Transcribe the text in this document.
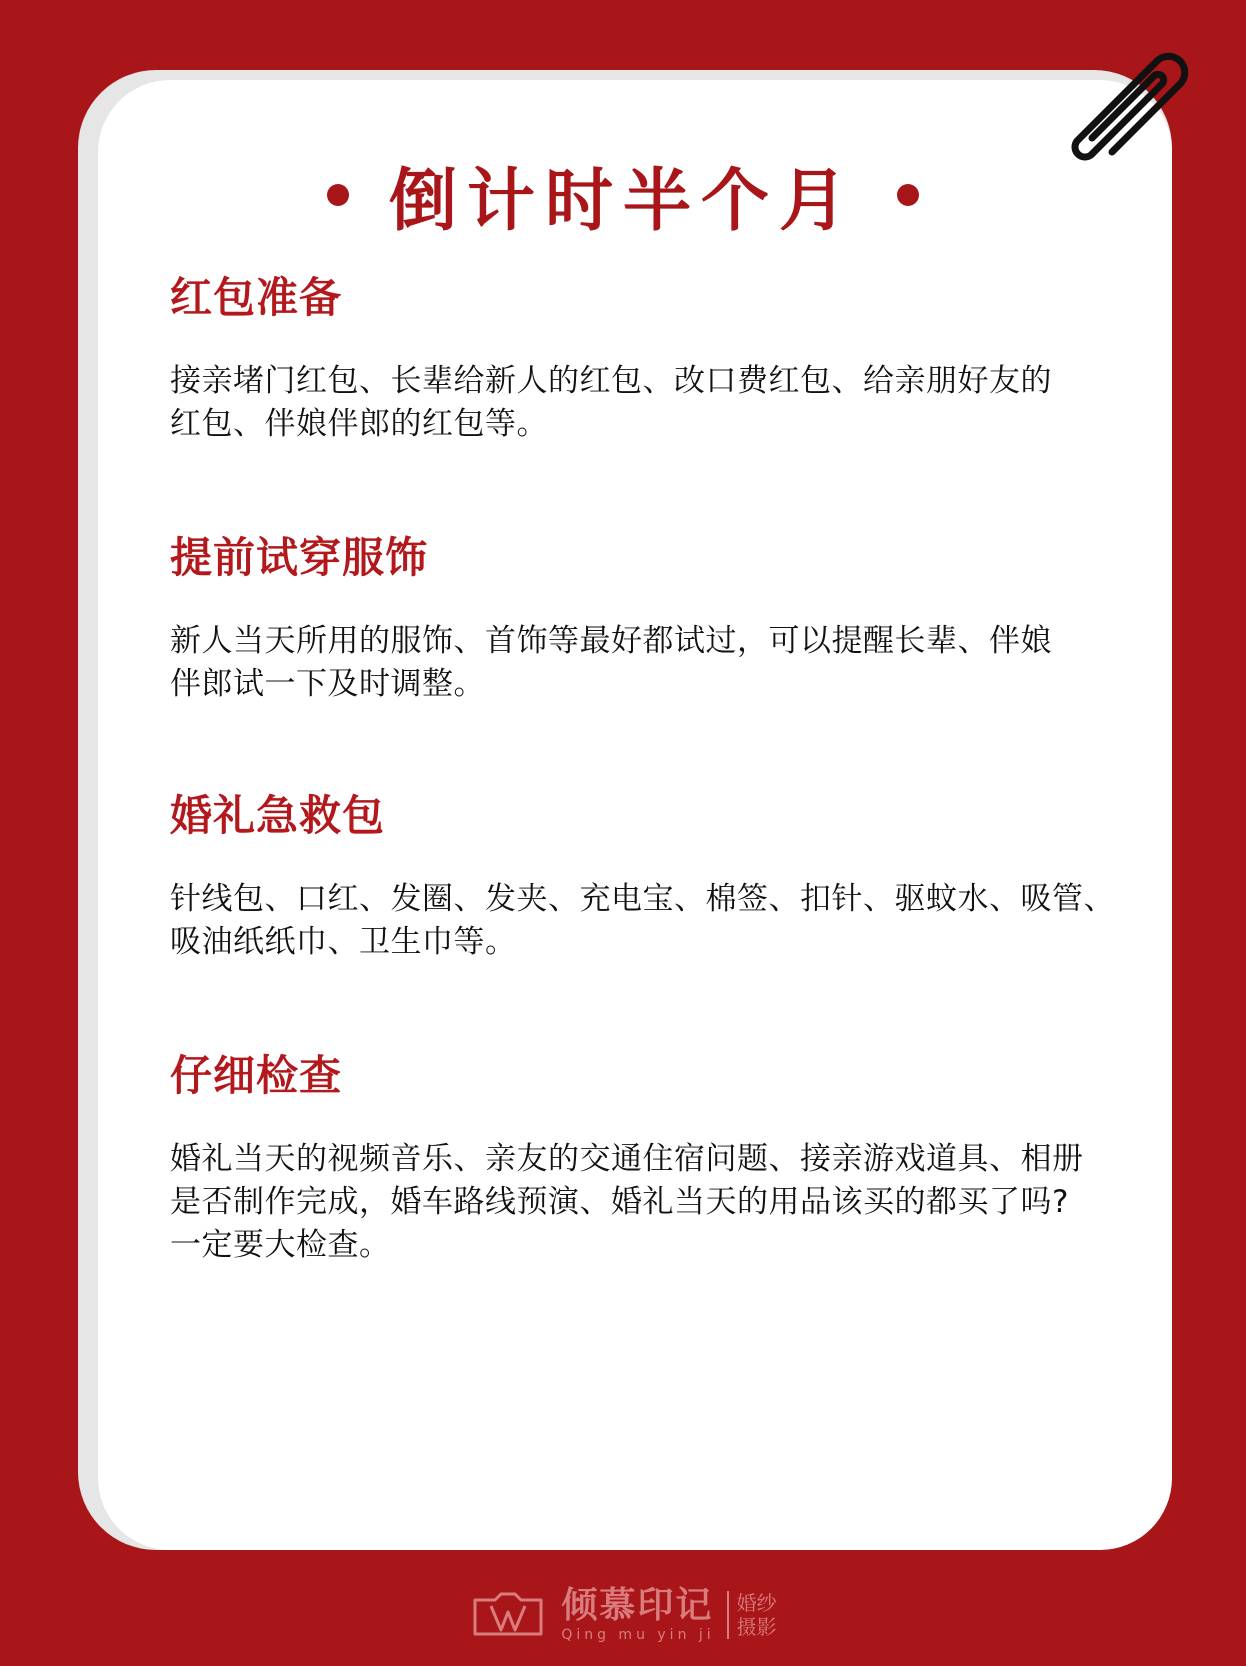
倒计时半个月
红包准备

接亲堵门红包、长辈给新人的红包、改口费红包、给亲朋好友的
红包、伴娘伴郎的红包等。

提前试穿服饰

新人当天所用的服饰、首饰等最好都试过，可以提醒长辈、伴娘
伴郎试一下及时调整。

婚礼急救包

针线包、口红、发圈、发夹、充电宝、棉签、扣针、驱蚊水、吸管、
吸油纸纸巾、卫生巾等。

仔细检查

婚礼当天的视频音乐、亲友的交通住宿问题、接亲游戏道具、相册
是否制作完成，婚车路线预演、婚礼当天的用品该买的都买了吗?
一定要大检查。

倾慕印记
Qing mu yin ji
婚纱
摄影
